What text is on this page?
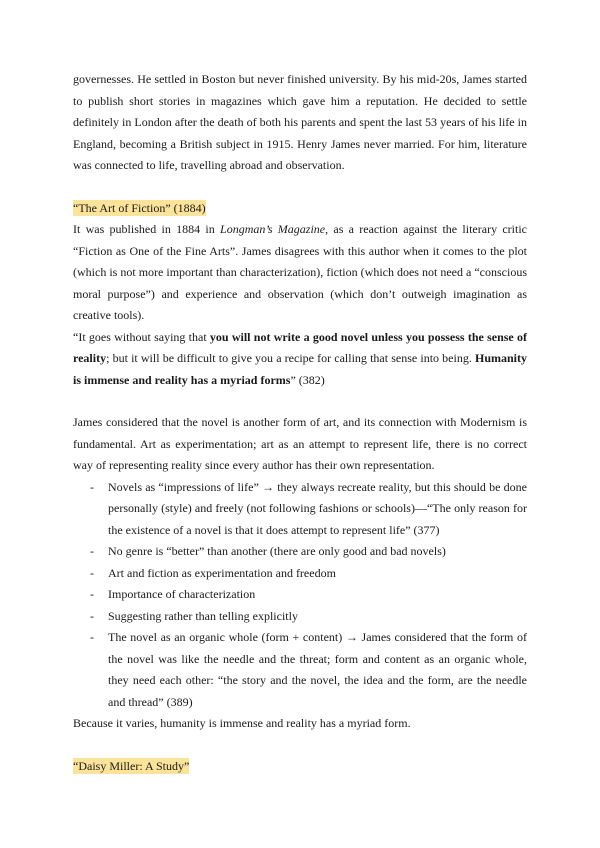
governesses. He settled in Boston but never finished university. By his mid-20s, James started to publish short stories in magazines which gave him a reputation. He decided to settle definitely in London after the death of both his parents and spent the last 53 years of his life in England, becoming a British subject in 1915. Henry James never married. For him, literature was connected to life, travelling abroad and observation.

“The Art of Fiction” (1884)

It was published in 1884 in Longman’s Magazine, as a reaction against the literary critic “Fiction as One of the Fine Arts”. James disagrees with this author when it comes to the plot (which is not more important than characterization), fiction (which does not need a “conscious moral purpose”) and experience and observation (which don’t outweigh imagination as creative tools).

“It goes without saying that you will not write a good novel unless you possess the sense of reality; but it will be difficult to give you a recipe for calling that sense into being. Humanity is immense and reality has a myriad forms” (382)

James considered that the novel is another form of art, and its connection with Modernism is fundamental. Art as experimentation; art as an attempt to represent life, there is no correct way of representing reality since every author has their own representation.

- Novels as “impressions of life” → they always recreate reality, but this should be done personally (style) and freely (not following fashions or schools)—“The only reason for the existence of a novel is that it does attempt to represent life” (377)
- No genre is “better” than another (there are only good and bad novels)
- Art and fiction as experimentation and freedom
- Importance of characterization
- Suggesting rather than telling explicitly
- The novel as an organic whole (form + content) → James considered that the form of the novel was like the needle and the threat; form and content as an organic whole, they need each other: “the story and the novel, the idea and the form, are the needle and thread” (389)

Because it varies, humanity is immense and reality has a myriad form.

“Daisy Miller: A Study”
